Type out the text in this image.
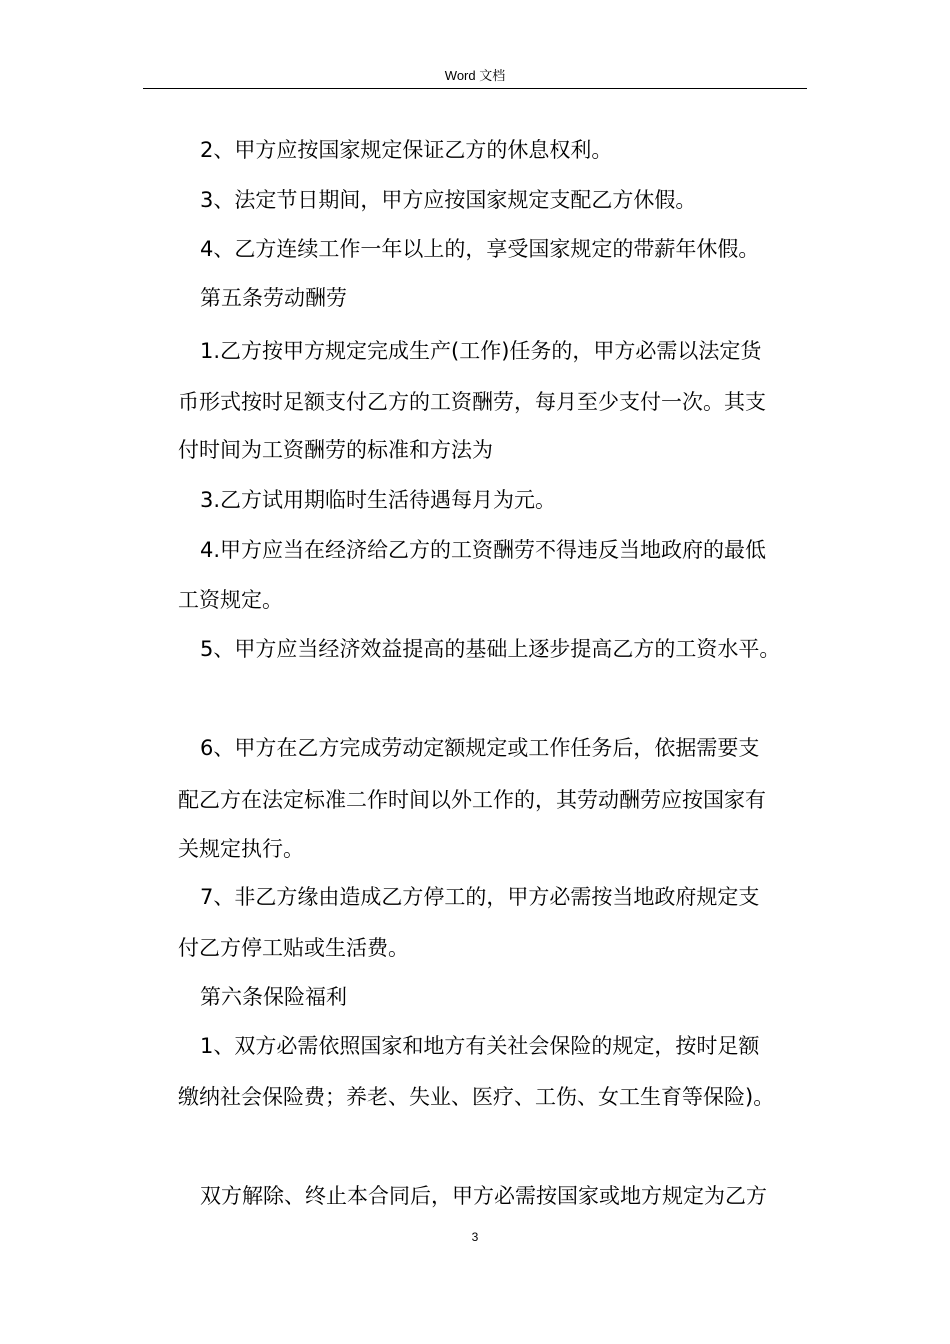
Word 文档
2、甲方应按国家规定保证乙方的休息权利。
3、法定节日期间，甲方应按国家规定支配乙方休假。
4、乙方连续工作一年以上的，享受国家规定的带薪年休假。
第五条劳动酬劳
1.乙方按甲方规定完成生产(工作)任务的，甲方必需以法定货
币形式按时足额支付乙方的工资酬劳，每月至少支付一次。其支
付时间为工资酬劳的标准和方法为
3.乙方试用期临时生活待遇每月为元。
4.甲方应当在经济给乙方的工资酬劳不得违反当地政府的最低
工资规定。
5、甲方应当经济效益提高的基础上逐步提高乙方的工资水平。
6、甲方在乙方完成劳动定额规定或工作任务后，依据需要支
配乙方在法定标准二作时间以外工作的，其劳动酬劳应按国家有
关规定执行。
7、非乙方缘由造成乙方停工的，甲方必需按当地政府规定支
付乙方停工贴或生活费。
第六条保险福利
1、双方必需依照国家和地方有关社会保险的规定，按时足额
缴纳社会保险费；养老、失业、医疗、工伤、女工生育等保险)。
双方解除、终止本合同后，甲方必需按国家或地方规定为乙方
3
